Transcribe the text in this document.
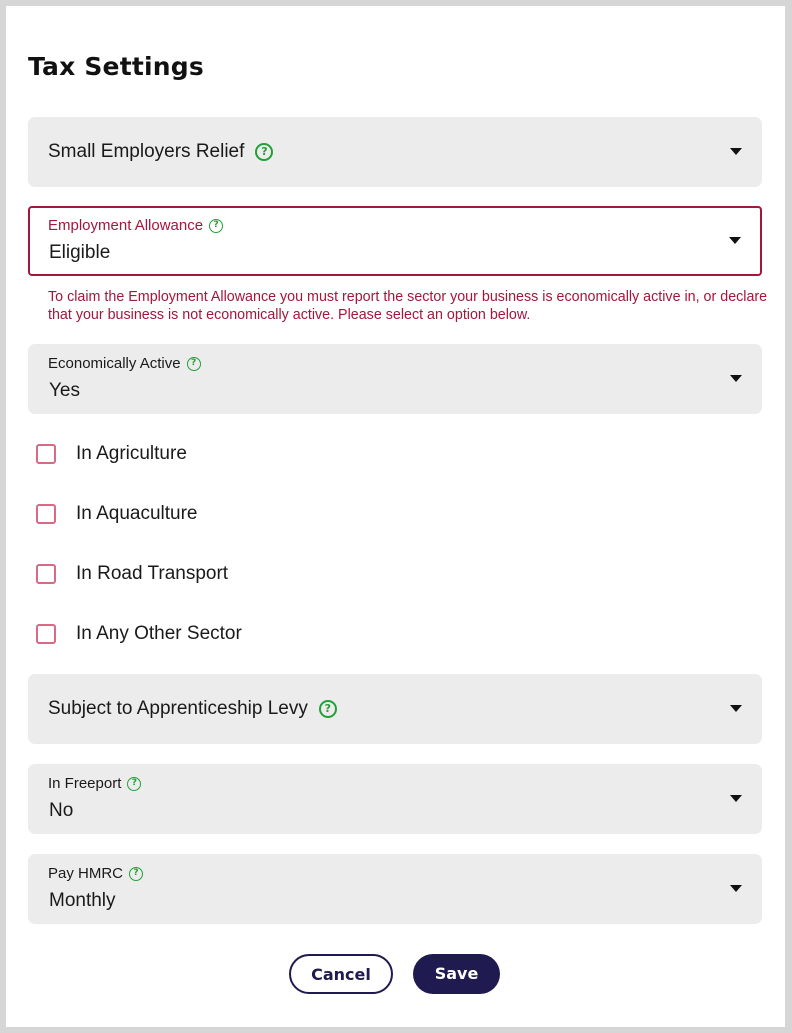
Tax Settings
Small Employers Relief	?
Employment Allowance	?
Eligible
To claim the Employment Allowance you must report the sector your business is economically active in, or declare that your business is not economically active. Please select an option below.
Economically Active	?
Yes
In Agriculture
In Aquaculture
In Road Transport
In Any Other Sector
Subject to Apprenticeship Levy	?
In Freeport	?
No
Pay HMRC	?
Monthly
Cancel	Save
